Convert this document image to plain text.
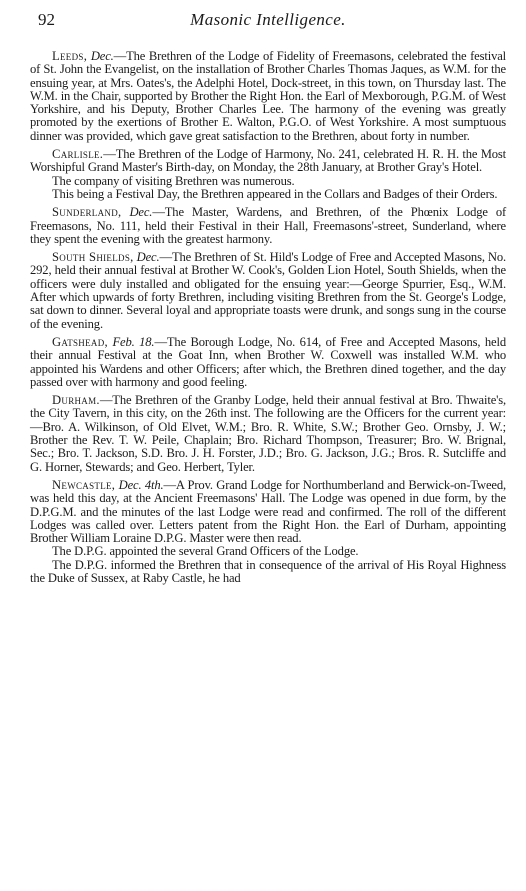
92	Masonic Intelligence.

Leeds, Dec.—The Brethren of the Lodge of Fidelity of Freemasons, celebrated the festival of St. John the Evangelist, on the installation of Brother Charles Thomas Jaques, as W.M. for the ensuing year, at Mrs. Oates's, the Adelphi Hotel, Dock-street, in this town, on Thursday last. The W.M. in the Chair, supported by Brother the Right Hon. the Earl of Mexborough, P.G.M. of West Yorkshire, and his Deputy, Brother Charles Lee. The harmony of the evening was greatly promoted by the exertions of Brother E. Walton, P.G.O. of West Yorkshire. A most sumptuous dinner was provided, which gave great satisfaction to the Brethren, about forty in number.

Carlisle.—The Brethren of the Lodge of Harmony, No. 241, celebrated H. R. H. the Most Worshipful Grand Master's Birth-day, on Monday, the 28th January, at Brother Gray's Hotel.

The company of visiting Brethren was numerous.

This being a Festival Day, the Brethren appeared in the Collars and Badges of their Orders.

Sunderland, Dec.—The Master, Wardens, and Brethren, of the Phœnix Lodge of Freemasons, No. 111, held their Festival in their Hall, Freemasons'-street, Sunderland, where they spent the evening with the greatest harmony.

South Shields, Dec.—The Brethren of St. Hild's Lodge of Free and Accepted Masons, No. 292, held their annual festival at Brother W. Cook's, Golden Lion Hotel, South Shields, when the officers were duly installed and obligated for the ensuing year:—George Spurrier, Esq., W.M. After which upwards of forty Brethren, including visiting Brethren from the St. George's Lodge, sat down to dinner. Several loyal and appropriate toasts were drunk, and songs sung in the course of the evening.

Gatshead, Feb. 18.—The Borough Lodge, No. 614, of Free and Accepted Masons, held their annual Festival at the Goat Inn, when Brother W. Coxwell was installed W.M. who appointed his Wardens and other Officers; after which, the Brethren dined together, and the day passed over with harmony and good feeling.

Durham.—The Brethren of the Granby Lodge, held their annual festival at Bro. Thwaite's, the City Tavern, in this city, on the 26th inst. The following are the Officers for the current year:—Bro. A. Wilkinson, of Old Elvet, W.M.; Bro. R. White, S.W.; Brother Geo. Ornsby, J. W.; Brother the Rev. T. W. Peile, Chaplain; Bro. Richard Thompson, Treasurer; Bro. W. Brignal, Sec.; Bro. T. Jackson, S.D. Bro. J. H. Forster, J.D.; Bro. G. Jackson, J.G.; Bros. R. Sutcliffe and G. Horner, Stewards; and Geo. Herbert, Tyler.

Newcastle, Dec. 4th.—A Prov. Grand Lodge for Northumberland and Berwick-on-Tweed, was held this day, at the Ancient Freemasons' Hall. The Lodge was opened in due form, by the D.P.G.M. and the minutes of the last Lodge were read and confirmed. The roll of the different Lodges was called over. Letters patent from the Right Hon. the Earl of Durham, appointing Brother William Loraine D.P.G. Master were then read.

The D.P.G. appointed the several Grand Officers of the Lodge.

The D.P.G. informed the Brethren that in consequence of the arrival of His Royal Highness the Duke of Sussex, at Raby Castle, he had
